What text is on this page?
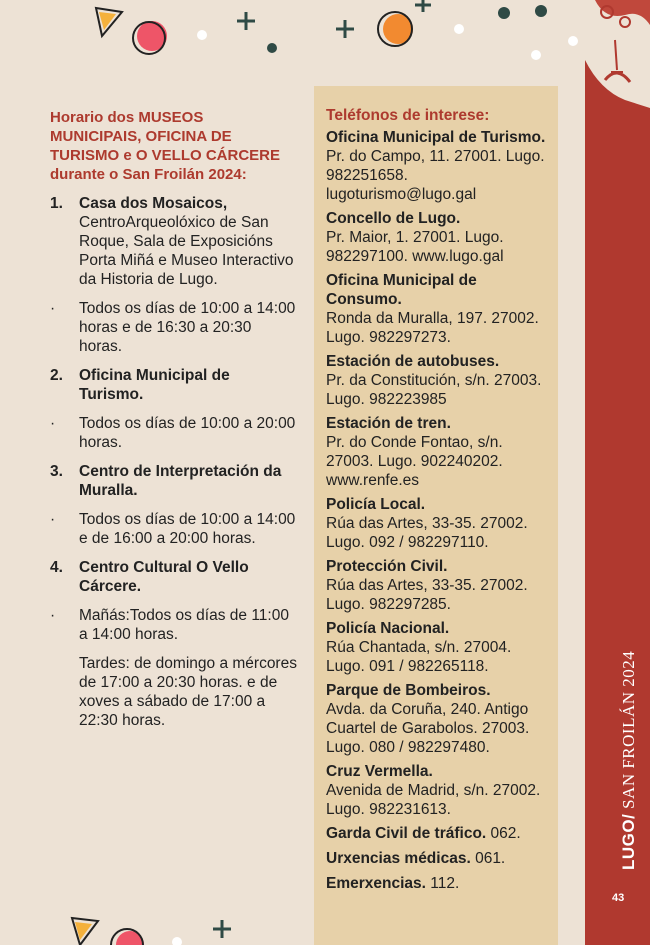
Horario dos MUSEOS MUNICIPAIS, OFICINA DE TURISMO e O VELLO CÁRCERE durante o San Froilán 2024:
1.	Casa dos Mosaicos, CentroArqueolóxico de San Roque, Sala de Exposicións Porta Miñá e Museo Interactivo da Historia de Lugo.
·	Todos os días de 10:00 a 14:00 horas e de 16:30 a 20:30 horas.
2.	Oficina Municipal de Turismo.
·	Todos os días de 10:00 a 20:00 horas.
3.	Centro de Interpretación da Muralla.
·	Todos os días de 10:00 a 14:00 e de 16:00 a 20:00 horas.
4.	Centro Cultural O Vello Cárcere.
·	Mañás:Todos os días de 11:00 a 14:00 horas.
Tardes: de domingo a mércores de 17:00 a 20:30 horas. e de xoves a sábado de 17:00 a 22:30 horas.
Teléfonos de interese:
Oficina Municipal de Turismo.
Pr. do Campo, 11. 27001. Lugo. 982251658. lugoturismo@lugo.gal
Concello de Lugo.
Pr. Maior, 1. 27001. Lugo. 982297100. www.lugo.gal
Oficina Municipal de Consumo.
Ronda da Muralla, 197. 27002. Lugo. 982297273.
Estación de autobuses.
Pr. da Constitución, s/n. 27003. Lugo. 982223985
Estación de tren.
Pr. do Conde Fontao, s/n. 27003. Lugo. 902240202. www.renfe.es
Policía Local.
Rúa das Artes, 33-35. 27002. Lugo. 092 / 982297110.
Protección Civil.
Rúa das Artes, 33-35. 27002. Lugo. 982297285.
Policía Nacional.
Rúa Chantada, s/n. 27004. Lugo. 091 / 982265118.
Parque de Bombeiros.
Avda. da Coruña, 240. Antigo Cuartel de Garabolos. 27003. Lugo. 080 / 982297480.
Cruz Vermella.
Avenida de Madrid, s/n. 27002. Lugo. 982231613.
Garda Civil de tráfico. 062.
Urxencias médicas. 061.
Emerxencias. 112.
LUGO/ SAN FROILÁN 2024
43
